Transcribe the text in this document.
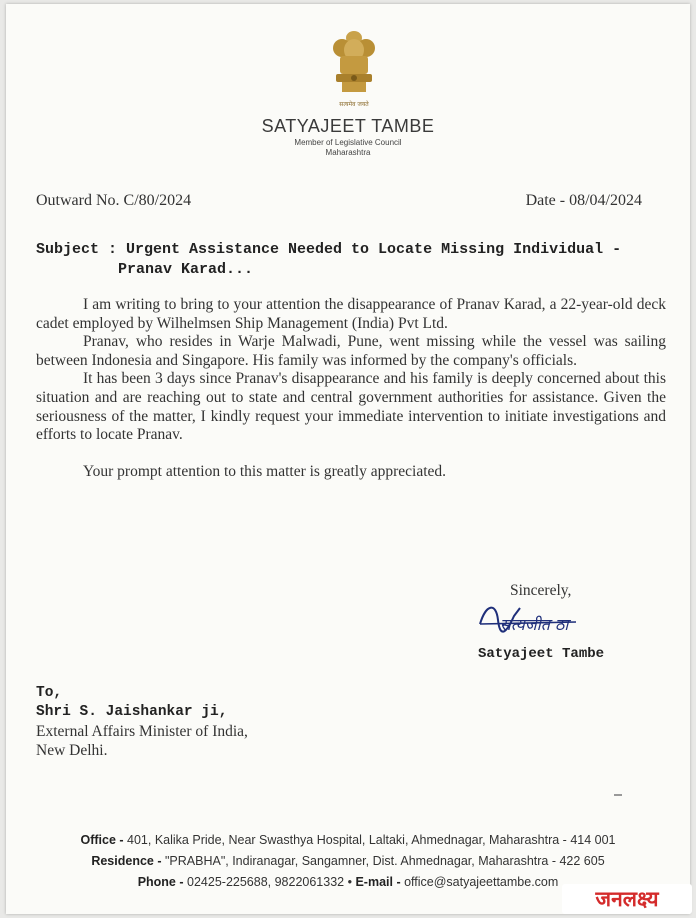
सत्यमेव जयते
SATYAJEET TAMBE
Member of Legislative Council
Maharashtra
Outward No. C/80/2024	Date - 08/04/2024
Subject : Urgent Assistance Needed to Locate Missing Individual -
Pranav Karad...

I am writing to bring to your attention the disappearance of Pranav Karad, a 22-year-old deck cadet employed by Wilhelmsen Ship Management (India) Pvt Ltd.

Pranav, who resides in Warje Malwadi, Pune, went missing while the vessel was sailing between Indonesia and Singapore. His family was informed by the company's officials.

It has been 3 days since Pranav's disappearance and his family is deeply concerned about this situation and are reaching out to state and central government authorities for assistance. Given the seriousness of the matter, I kindly request your immediate intervention to initiate investigations and efforts to locate Pranav.

Your prompt attention to this matter is greatly appreciated.

Sincerely,
सत्यजीत ठा
Satyajeet Tambe
To,
Shri S. Jaishankar ji,
External Affairs Minister of India,
New Delhi.
Office - 401, Kalika Pride, Near Swasthya Hospital, Laltaki, Ahmednagar, Maharashtra - 414 001
Residence - "PRABHA", Indiranagar, Sangamner, Dist. Ahmednagar, Maharashtra - 422 605
Phone - 02425-225688, 9822061332 • E-mail - office@satyajeettambe.com
जनलक्ष्य
